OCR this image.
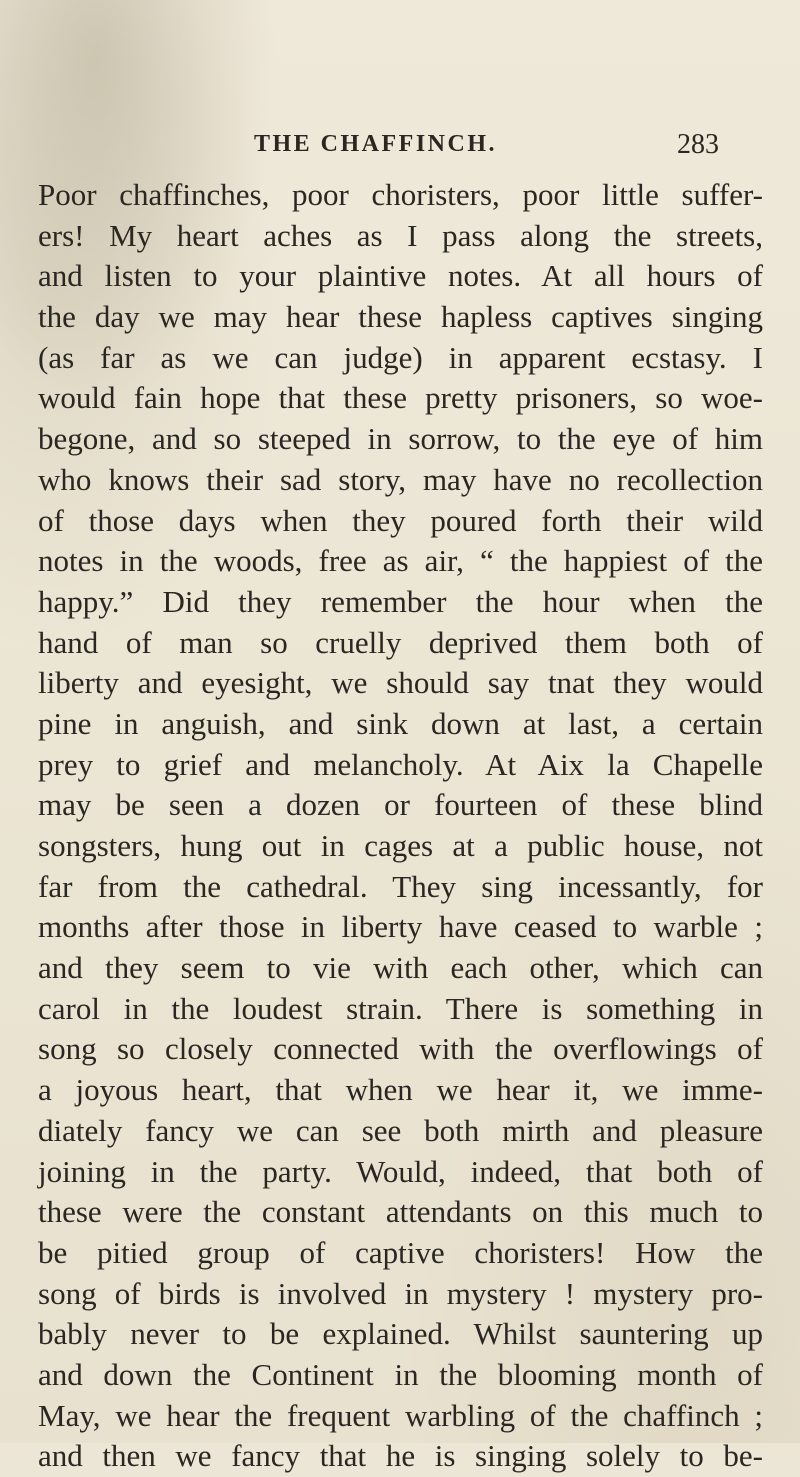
THE CHAFFINCH.	283
Poor chaffinches, poor choristers, poor little suffer-
ers! My heart aches as I pass along the streets,
and listen to your plaintive notes. At all hours of
the day we may hear these hapless captives singing
(as far as we can judge) in apparent ecstasy. I
would fain hope that these pretty prisoners, so woe-
begone, and so steeped in sorrow, to the eye of him
who knows their sad story, may have no recollection
of those days when they poured forth their wild
notes in the woods, free as air, “ the happiest of the
happy.” Did they remember the hour when the
hand of man so cruelly deprived them both of
liberty and eyesight, we should say tnat they would
pine in anguish, and sink down at last, a certain
prey to grief and melancholy. At Aix la Chapelle
may be seen a dozen or fourteen of these blind
songsters, hung out in cages at a public house, not
far from the cathedral. They sing incessantly, for
months after those in liberty have ceased to warble ;
and they seem to vie with each other, which can
carol in the loudest strain. There is something in
song so closely connected with the overflowings of
a joyous heart, that when we hear it, we imme-
diately fancy we can see both mirth and pleasure
joining in the party. Would, indeed, that both of
these were the constant attendants on this much to
be pitied group of captive choristers! How the
song of birds is involved in mystery ! mystery pro-
bably never to be explained. Whilst sauntering up
and down the Continent in the blooming month of
May, we hear the frequent warbling of the chaffinch ;
and then we fancy that he is singing solely to be-
